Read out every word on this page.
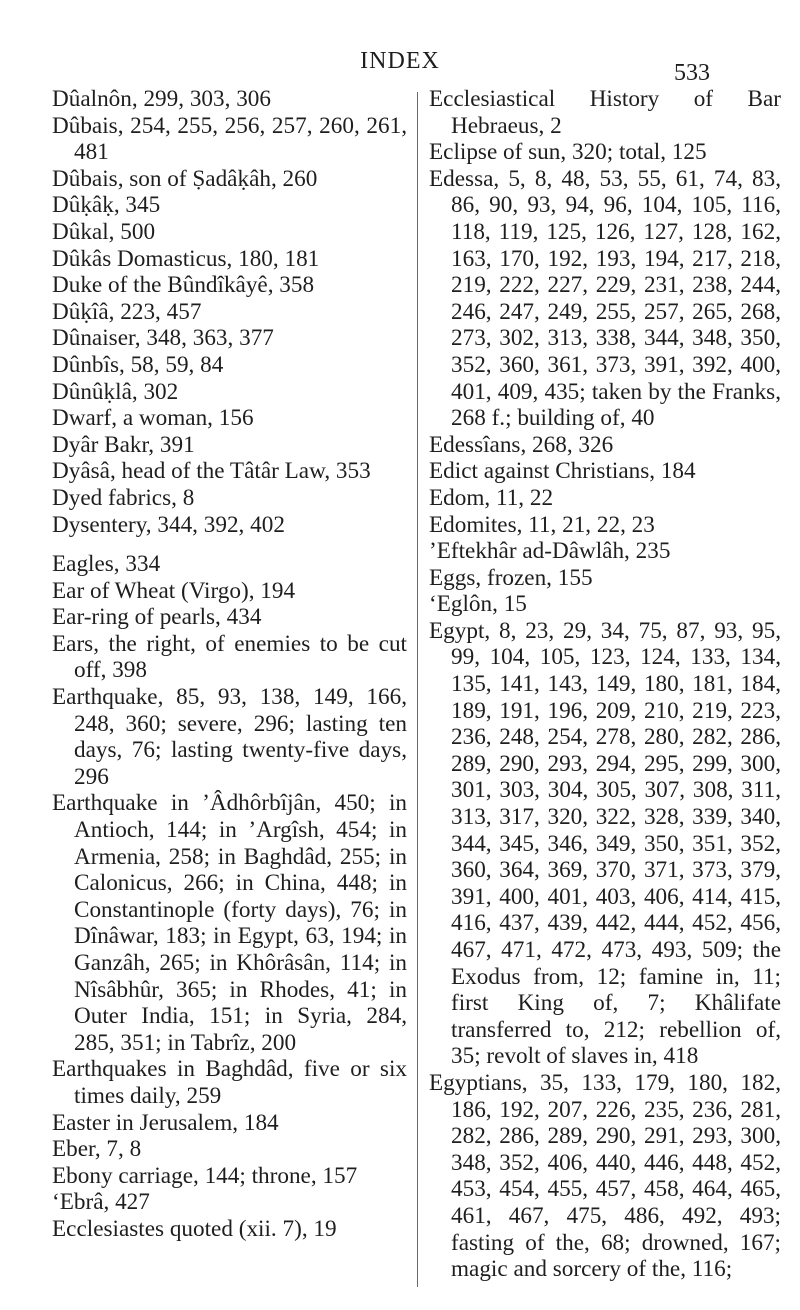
INDEX	533
Dûalnôn, 299, 303, 306
Dûbais, 254, 255, 256, 257, 260, 261, 481
Dûbais, son of Ṣadâḳâh, 260
Dûḳâḳ, 345
Dûkal, 500
Dûkâs Domasticus, 180, 181
Duke of the Bûndîkâyê, 358
Dûḳîâ, 223, 457
Dûnaiser, 348, 363, 377
Dûnbîs, 58, 59, 84
Dûnûḳlâ, 302
Dwarf, a woman, 156
Dyâr Bakr, 391
Dyâsâ, head of the Tâtâr Law, 353
Dyed fabrics, 8
Dysentery, 344, 392, 402
Eagles, 334
Ear of Wheat (Virgo), 194
Ear-ring of pearls, 434
Ears, the right, of enemies to be cut off, 398
Earthquake, 85, 93, 138, 149, 166, 248, 360; severe, 296; lasting ten days, 76; lasting twenty-five days, 296
Earthquake in ’Âdhôrbîjân, 450; in Antioch, 144; in ’Argîsh, 454; in Armenia, 258; in Baghdâd, 255; in Calonicus, 266; in China, 448; in Constantinople (forty days), 76; in Dînâwar, 183; in Egypt, 63, 194; in Ganzâh, 265; in Khôrâsân, 114; in Nîsâbhûr, 365; in Rhodes, 41; in Outer India, 151; in Syria, 284, 285, 351; in Tabrîz, 200
Earthquakes in Baghdâd, five or six times daily, 259
Easter in Jerusalem, 184
Eber, 7, 8
Ebony carriage, 144; throne, 157
‘Ebrâ, 427
Ecclesiastes quoted (xii. 7), 19
Ecclesiastical History of Bar Hebraeus, 2
Eclipse of sun, 320; total, 125
Edessa, 5, 8, 48, 53, 55, 61, 74, 83, 86, 90, 93, 94, 96, 104, 105, 116, 118, 119, 125, 126, 127, 128, 162, 163, 170, 192, 193, 194, 217, 218, 219, 222, 227, 229, 231, 238, 244, 246, 247, 249, 255, 257, 265, 268, 273, 302, 313, 338, 344, 348, 350, 352, 360, 361, 373, 391, 392, 400, 401, 409, 435; taken by the Franks, 268 f.; building of, 40
Edessîans, 268, 326
Edict against Christians, 184
Edom, 11, 22
Edomites, 11, 21, 22, 23
’Eftekhâr ad-Dâwlâh, 235
Eggs, frozen, 155
‘Eglôn, 15
Egypt, 8, 23, 29, 34, 75, 87, 93, 95, 99, 104, 105, 123, 124, 133, 134, 135, 141, 143, 149, 180, 181, 184, 189, 191, 196, 209, 210, 219, 223, 236, 248, 254, 278, 280, 282, 286, 289, 290, 293, 294, 295, 299, 300, 301, 303, 304, 305, 307, 308, 311, 313, 317, 320, 322, 328, 339, 340, 344, 345, 346, 349, 350, 351, 352, 360, 364, 369, 370, 371, 373, 379, 391, 400, 401, 403, 406, 414, 415, 416, 437, 439, 442, 444, 452, 456, 467, 471, 472, 473, 493, 509; the Exodus from, 12; famine in, 11; first King of, 7; Khâlifate transferred to, 212; rebellion of, 35; revolt of slaves in, 418
Egyptians, 35, 133, 179, 180, 182, 186, 192, 207, 226, 235, 236, 281, 282, 286, 289, 290, 291, 293, 300, 348, 352, 406, 440, 446, 448, 452, 453, 454, 455, 457, 458, 464, 465, 461, 467, 475, 486, 492, 493; fasting of the, 68; drowned, 167; magic and sorcery of the, 116;
